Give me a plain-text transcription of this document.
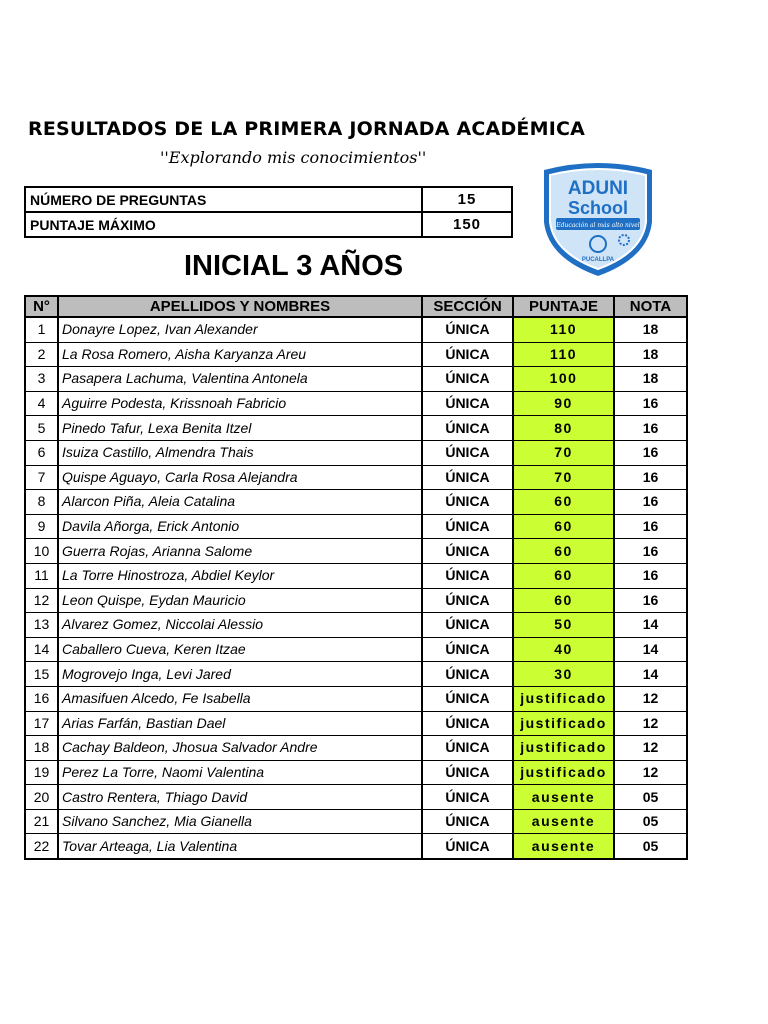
RESULTADOS DE LA PRIMERA JORNADA ACADÉMICA
''Explorando mis conocimientos''
NÚMERO DE PREGUNTAS	15
PUNTAJE MÁXIMO	150
ADUNI
School
Educación al más alto nivel
PUCALLPA
INICIAL 3 AÑOS
N°	APELLIDOS Y NOMBRES	SECCIÓN	PUNTAJE	NOTA
1	Donayre Lopez, Ivan Alexander	ÚNICA	110	18
2	La Rosa Romero, Aisha Karyanza Areu	ÚNICA	110	18
3	Pasapera Lachuma, Valentina Antonela	ÚNICA	100	18
4	Aguirre Podesta, Krissnoah Fabricio	ÚNICA	90	16
5	Pinedo Tafur, Lexa Benita Itzel	ÚNICA	80	16
6	Isuiza Castillo, Almendra Thais	ÚNICA	70	16
7	Quispe Aguayo, Carla Rosa Alejandra	ÚNICA	70	16
8	Alarcon Piña, Aleia Catalina	ÚNICA	60	16
9	Davila Añorga, Erick Antonio	ÚNICA	60	16
10	Guerra Rojas, Arianna Salome	ÚNICA	60	16
11	La Torre Hinostroza, Abdiel Keylor	ÚNICA	60	16
12	Leon Quispe, Eydan Mauricio	ÚNICA	60	16
13	Alvarez Gomez, Niccolai Alessio	ÚNICA	50	14
14	Caballero Cueva, Keren Itzae	ÚNICA	40	14
15	Mogrovejo Inga, Levi Jared	ÚNICA	30	14
16	Amasifuen Alcedo, Fe Isabella	ÚNICA	justificado	12
17	Arias Farfán, Bastian Dael	ÚNICA	justificado	12
18	Cachay Baldeon, Jhosua Salvador Andre	ÚNICA	justificado	12
19	Perez La Torre, Naomi Valentina	ÚNICA	justificado	12
20	Castro Rentera, Thiago David	ÚNICA	ausente	05
21	Silvano Sanchez, Mia Gianella	ÚNICA	ausente	05
22	Tovar Arteaga, Lia Valentina	ÚNICA	ausente	05
